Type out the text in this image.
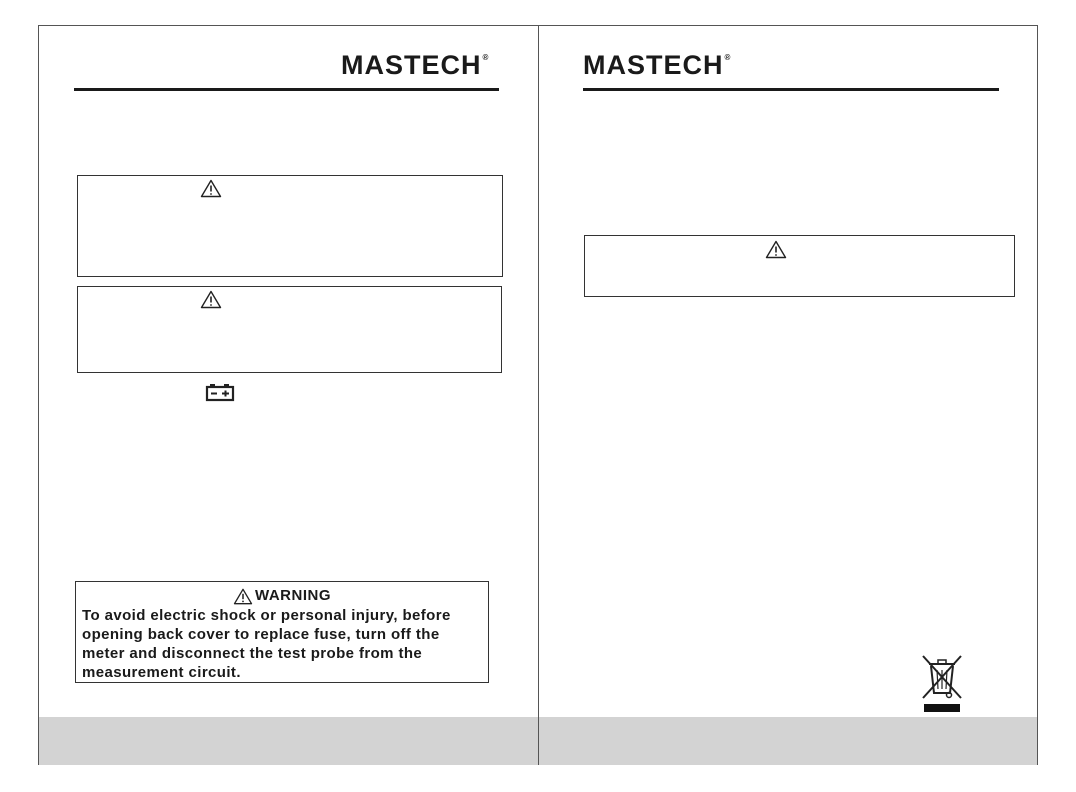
MASTECH®
WARNING
To avoid electric shock or personal injury, before
opening back cover to replace fuse, turn off the
meter and disconnect the test probe from the
measurement circuit.
MASTECH®
